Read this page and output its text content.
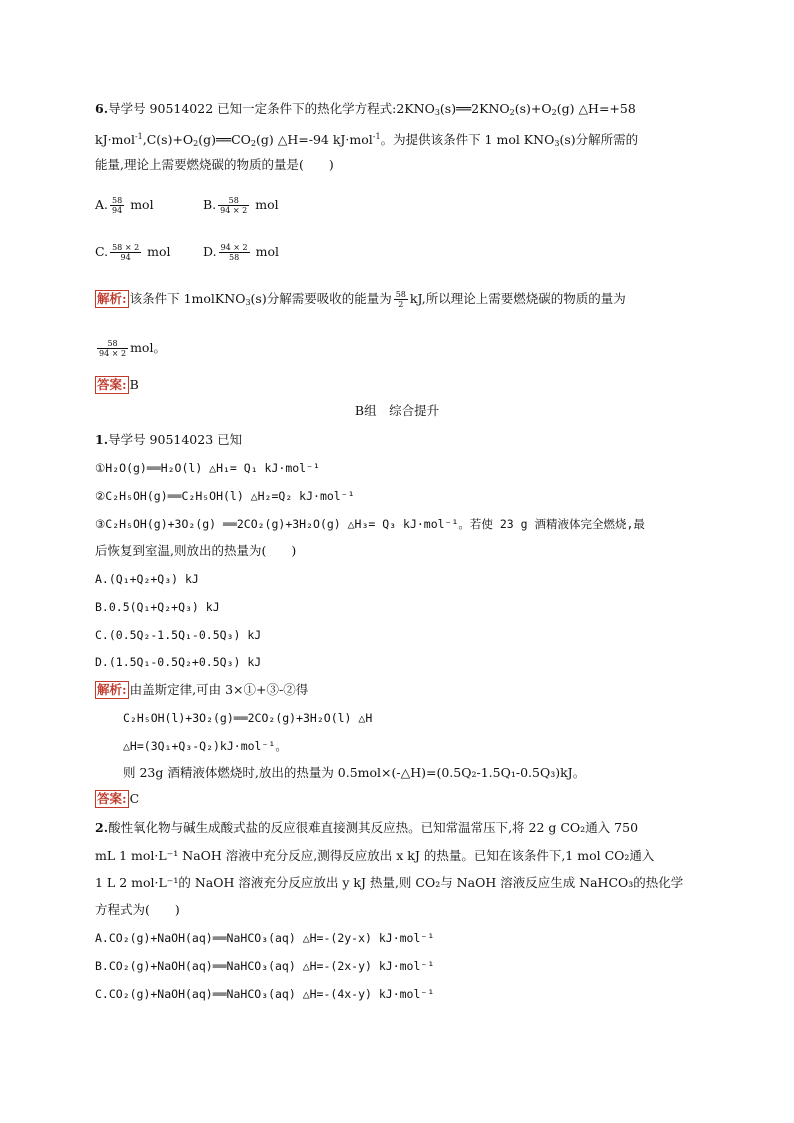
6.导学号 90514022 已知一定条件下的热化学方程式$:2KNO_3(s)══2KNO_2(s)+O_2(g)$ △H=+58
$kJ\cdot mol^{-1},C(s)+O_2(g)══CO_2(g)$ △H=-94 kJ·mol$^{-1}$。为提供该条件下 1 mol $KNO_3(s)$分解所需的
能量,理论上需要燃烧碳的物质的量是(　　)
A. $\frac{58}{94}$ mol	B. $\frac{58}{94 \times 2}$ mol
C. $\frac{58 \times 2}{94}$ mol	D. $\frac{94 \times 2}{58}$ mol
解析: 该条件下 1molKNO$_3$(s)分解需要吸收的能量为 $\frac{58}{2}$ kJ,所以理论上需要燃烧碳的物质的量为
$\frac{58}{94 \times 2}$ mol。
答案: B
B组　综合提升
1.导学号 90514023 已知
①H₂O(g)══H₂O(l) △H₁= Q₁ kJ·mol⁻¹
②C₂H₅OH(g)══C₂H₅OH(l) △H₂=Q₂ kJ·mol⁻¹
③C₂H₅OH(g)+3O₂(g) ══2CO₂(g)+3H₂O(g) △H₃= Q₃ kJ·mol⁻¹。若使 23 g 酒精液体完全燃烧,最
后恢复到室温,则放出的热量为(　　)
A.(Q₁+Q₂+Q₃) kJ
B.0.5(Q₁+Q₂+Q₃) kJ
C.(0.5Q₂-1.5Q₁-0.5Q₃) kJ
D.(1.5Q₁-0.5Q₂+0.5Q₃) kJ
解析: 由盖斯定律,可由 3×①+③-②得
C₂H₅OH(l)+3O₂(g)══2CO₂(g)+3H₂O(l) △H
△H=(3Q₁+Q₃-Q₂)kJ·mol⁻¹。
则 23g 酒精液体燃烧时,放出的热量为 0.5mol×(-△H)=(0.5Q₂-1.5Q₁-0.5Q₃)kJ。
答案: C
2.酸性氧化物与碱生成酸式盐的反应很难直接测其反应热。已知常温常压下,将 22 g CO₂通入 750
mL 1 mol·L⁻¹ NaOH 溶液中充分反应,测得反应放出 x kJ 的热量。已知在该条件下,1 mol CO₂通入
1 L 2 mol·L⁻¹的 NaOH 溶液充分反应放出 y kJ 热量,则 CO₂与 NaOH 溶液反应生成 NaHCO₃的热化学
方程式为(　　)
A.CO₂(g)+NaOH(aq)══NaHCO₃(aq) △H=-(2y-x) kJ·mol⁻¹
B.CO₂(g)+NaOH(aq)══NaHCO₃(aq) △H=-(2x-y) kJ·mol⁻¹
C.CO₂(g)+NaOH(aq)══NaHCO₃(aq) △H=-(4x-y) kJ·mol⁻¹
